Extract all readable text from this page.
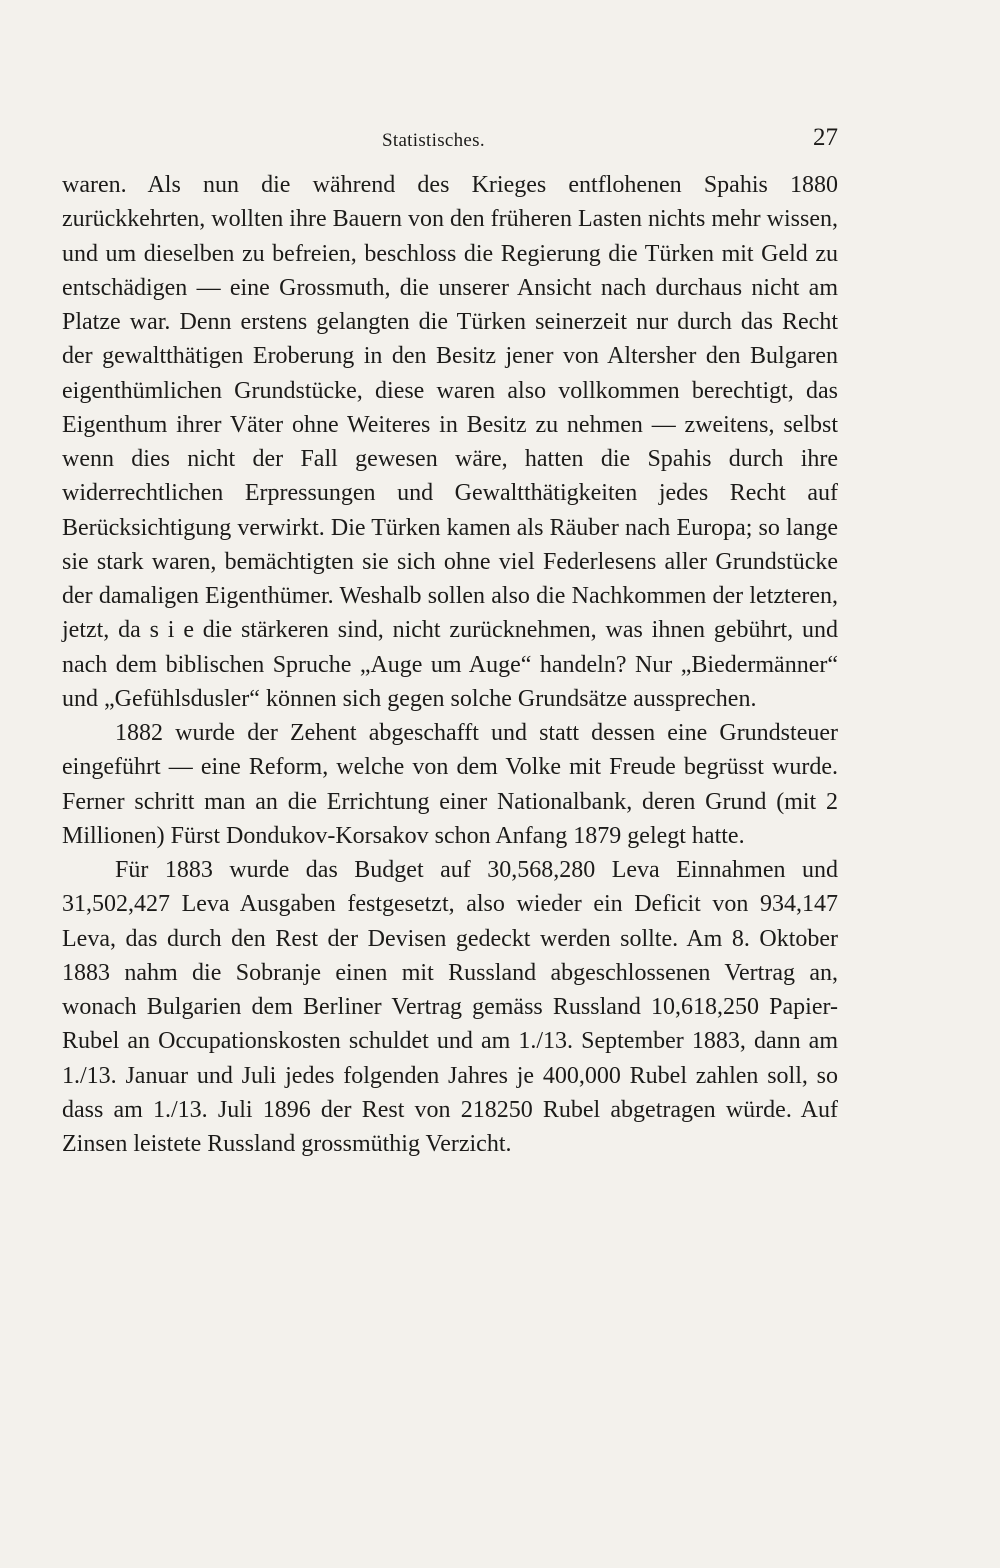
Statistisches.	27

waren. Als nun die während des Krieges entflohenen Spahis 1880 zurückkehrten, wollten ihre Bauern von den früheren Lasten nichts mehr wissen, und um dieselben zu befreien, beschloss die Regierung die Türken mit Geld zu entschädigen — eine Grossmuth, die unserer Ansicht nach durchaus nicht am Platze war. Denn erstens gelangten die Türken seinerzeit nur durch das Recht der gewaltthätigen Eroberung in den Besitz jener von Altersher den Bulgaren eigenthümlichen Grundstücke, diese waren also vollkommen berechtigt, das Eigenthum ihrer Väter ohne Weiteres in Besitz zu nehmen — zweitens, selbst wenn dies nicht der Fall gewesen wäre, hatten die Spahis durch ihre widerrechtlichen Erpressungen und Gewaltthätigkeiten jedes Recht auf Berücksichtigung verwirkt. Die Türken kamen als Räuber nach Europa; so lange sie stark waren, bemächtigten sie sich ohne viel Federlesens aller Grundstücke der damaligen Eigenthümer. Weshalb sollen also die Nachkommen der letzteren, jetzt, da s i e die stärkeren sind, nicht zurücknehmen, was ihnen gebührt, und nach dem biblischen Spruche „Auge um Auge“ handeln? Nur „Biedermänner“ und „Gefühlsdusler“ können sich gegen solche Grundsätze aussprechen.

1882 wurde der Zehent abgeschafft und statt dessen eine Grundsteuer eingeführt — eine Reform, welche von dem Volke mit Freude begrüsst wurde. Ferner schritt man an die Errichtung einer Nationalbank, deren Grund (mit 2 Millionen) Fürst Dondukov-Korsakov schon Anfang 1879 gelegt hatte.

Für 1883 wurde das Budget auf 30,568,280 Leva Einnahmen und 31,502,427 Leva Ausgaben festgesetzt, also wieder ein Deficit von 934,147 Leva, das durch den Rest der Devisen gedeckt werden sollte. Am 8. Oktober 1883 nahm die Sobranje einen mit Russland abgeschlossenen Vertrag an, wonach Bulgarien dem Berliner Vertrag gemäss Russland 10,618,250 Papier-Rubel an Occupationskosten schuldet und am 1./13. September 1883, dann am 1./13. Januar und Juli jedes folgenden Jahres je 400,000 Rubel zahlen soll, so dass am 1./13. Juli 1896 der Rest von 218250 Rubel abgetragen würde. Auf Zinsen leistete Russland grossmüthig Verzicht.
